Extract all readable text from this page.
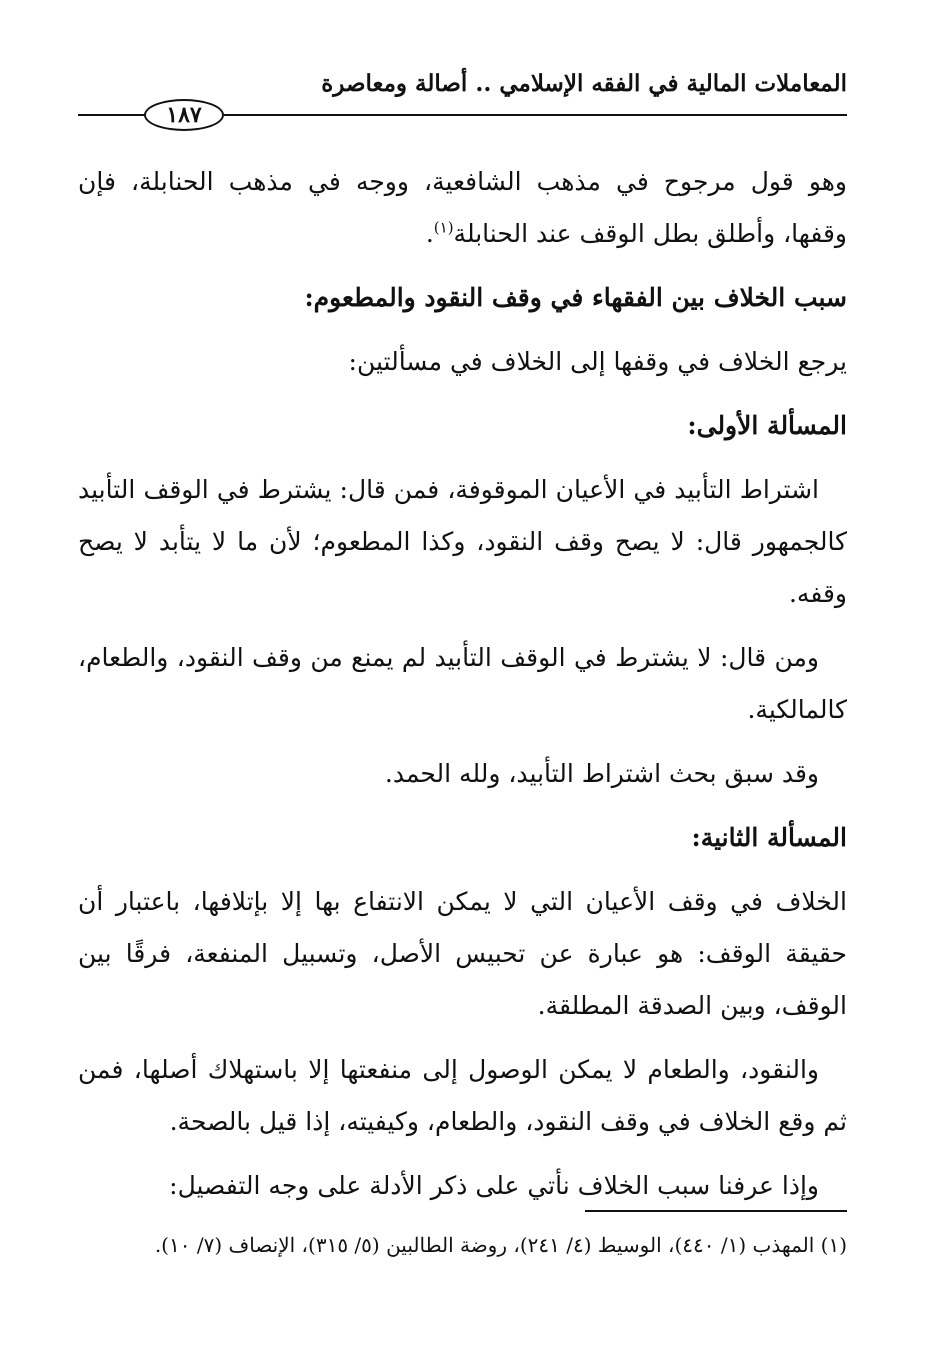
المعاملات المالية في الفقه الإسلامي .. أصالة ومعاصرة
١٨٧

وهو قول مرجوح في مذهب الشافعية، ووجه في مذهب الحنابلة، فإن وقفها، وأطلق بطل الوقف عند الحنابلة$^{(١)}$.

سبب الخلاف بين الفقهاء في وقف النقود والمطعوم:

يرجع الخلاف في وقفها إلى الخلاف في مسألتين:

المسألة الأولى:

اشتراط التأبيد في الأعيان الموقوفة، فمن قال: يشترط في الوقف التأبيد كالجمهور قال: لا يصح وقف النقود، وكذا المطعوم؛ لأن ما لا يتأبد لا يصح وقفه.

ومن قال: لا يشترط في الوقف التأبيد لم يمنع من وقف النقود، والطعام، كالمالكية.

وقد سبق بحث اشتراط التأبيد، ولله الحمد.

المسألة الثانية:

الخلاف في وقف الأعيان التي لا يمكن الانتفاع بها إلا بإتلافها، باعتبار أن حقيقة الوقف: هو عبارة عن تحبيس الأصل، وتسبيل المنفعة، فرقًا بين الوقف، وبين الصدقة المطلقة.

والنقود، والطعام لا يمكن الوصول إلى منفعتها إلا باستهلاك أصلها، فمن ثم وقع الخلاف في وقف النقود، والطعام، وكيفيته، إذا قيل بالصحة.

وإذا عرفنا سبب الخلاف نأتي على ذكر الأدلة على وجه التفصيل:

(١) المهذب (١/ ٤٤٠)، الوسيط (٤/ ٢٤١)، روضة الطالبين (٥/ ٣١٥)، الإنصاف (٧/ ١٠).
